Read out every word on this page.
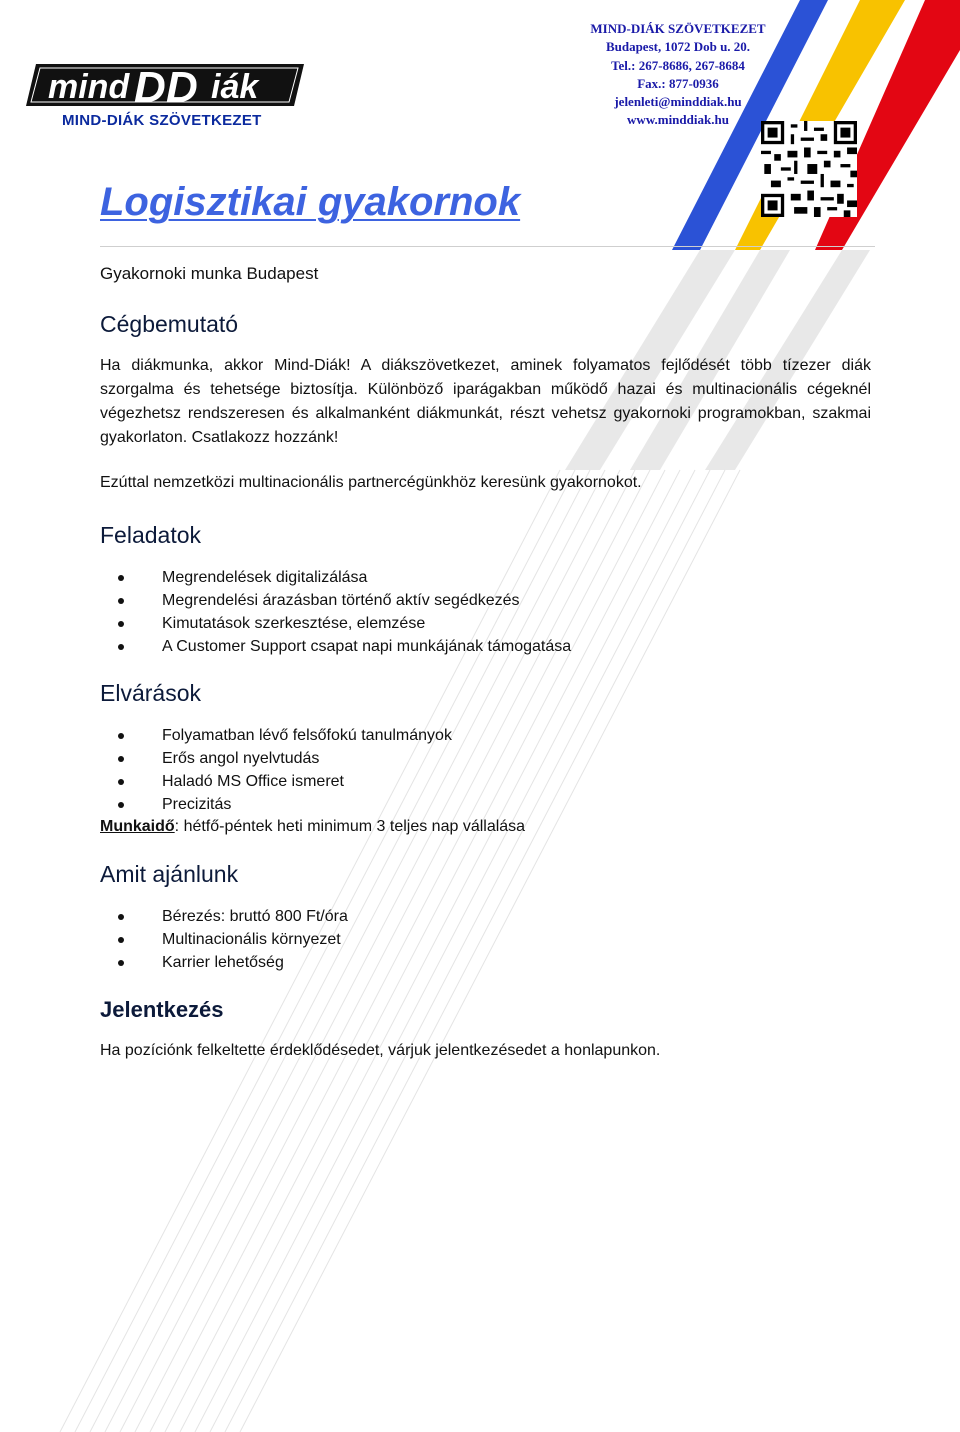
mind D D iák
MIND-DIÁK SZÖVETKEZET
MIND-DIÁK SZÖVETKEZET
Budapest, 1072 Dob u. 20.
Tel.: 267-8686, 267-8684
Fax.: 877-0936
jelenleti@minddiak.hu
www.minddiak.hu
Logisztikai gyakornok
Gyakornoki munka Budapest
Cégbemutató

Ha diákmunka, akkor Mind-Diák! A diákszövetkezet, aminek folyamatos fejlődését több tízezer diák szorgalma és tehetsége biztosítja. Különböző iparágakban működő hazai és multinacionális cégeknél végezhetsz rendszeresen és alkalmanként diákmunkát, részt vehetsz gyakornoki programokban, szakmai gyakorlaton. Csatlakozz hozzánk!

Ezúttal nemzetközi multinacionális partnercégünkhöz keresünk gyakornokot.

Feladatok
Megrendelések digitalizálása
Megrendelési árazásban történő aktív segédkezés
Kimutatások szerkesztése, elemzése
A Customer Support csapat napi munkájának támogatása
Elvárások
Folyamatban lévő felsőfokú tanulmányok
Erős angol nyelvtudás
Haladó MS Office ismeret
Precizitás
Munkaidő: hétfő-péntek heti minimum 3 teljes nap vállalása
Amit ajánlunk
Bérezés: bruttó 800 Ft/óra
Multinacionális környezet
Karrier lehetőség
Jelentkezés

Ha pozíciónk felkeltette érdeklődésedet, várjuk jelentkezésedet a honlapunkon.
